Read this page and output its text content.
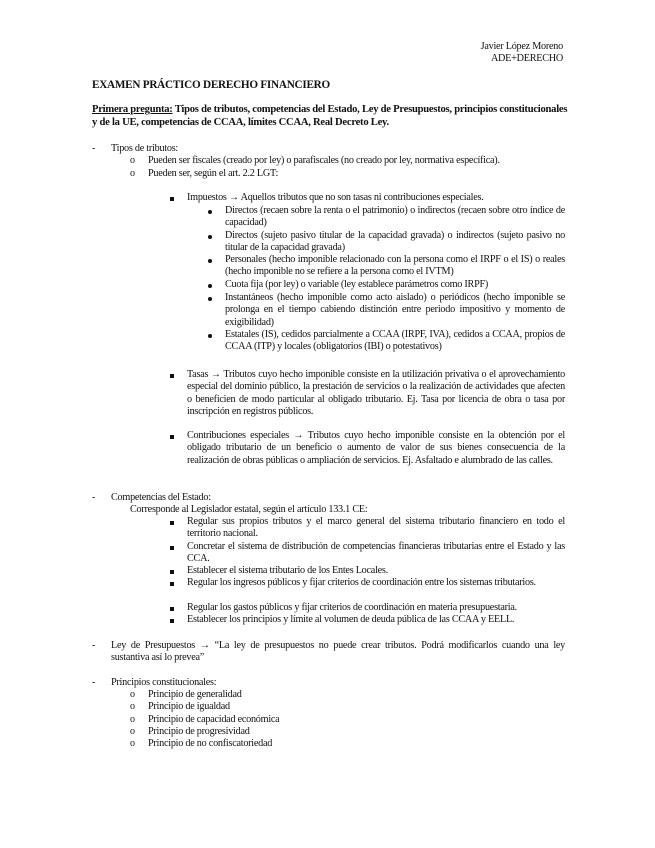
Javier López Moreno
ADE+DERECHO
EXAMEN PRÁCTICO DERECHO FINANCIERO
Primera pregunta: Tipos de tributos, competencias del Estado, Ley de Presupuestos, principios constitucionales y de la UE, competencias de CCAA, límites CCAA, Real Decreto Ley.
- Tipos de tributos:
o Pueden ser fiscales (creado por ley) o parafiscales (no creado por ley, normativa específica).
o Pueden ser, según el art. 2.2 LGT:
Impuestos → Aquellos tributos que no son tasas ni contribuciones especiales.
Directos (recaen sobre la renta o el patrimonio) o indirectos (recaen sobre otro índice de capacidad)
Directos (sujeto pasivo titular de la capacidad gravada) o indirectos (sujeto pasivo no titular de la capacidad gravada)
Personales (hecho imponible relacionado con la persona como el IRPF o el IS) o reales (hecho imponible no se refiere a la persona como el IVTM)
Cuota fija (por ley) o variable (ley establece parámetros como IRPF)
Instantáneos (hecho imponible como acto aislado) o periódicos (hecho imponible se prolonga en el tiempo cabiendo distinción entre periodo impositivo y momento de exigibilidad)
Estatales (IS), cedidos parcialmente a CCAA (IRPF, IVA), cedidos a CCAA, propios de CCAA (ITP) y locales (obligatorios (IBI) o potestativos)
Tasas → Tributos cuyo hecho imponible consiste en la utilización privativa o el aprovechamiento especial del dominio público, la prestación de servicios o la realización de actividades que afecten o beneficien de modo particular al obligado tributario. Ej. Tasa por licencia de obra o tasa por inscripción en registros públicos.
Contribuciones especiales → Tributos cuyo hecho imponible consiste en la obtención por el obligado tributario de un beneficio o aumento de valor de sus bienes consecuencia de la realización de obras públicas o ampliación de servicios. Ej. Asfaltado e alumbrado de las calles.
- Competencias del Estado:
Corresponde al Legislador estatal, según el artículo 133.1 CE:
Regular sus propios tributos y el marco general del sistema tributario financiero en todo el territorio nacional.
Concretar el sistema de distribución de competencias financieras tributarias entre el Estado y las CCA.
Establecer el sistema tributario de los Entes Locales.
Regular los ingresos públicos y fijar criterios de coordinación entre los sistemas tributarios.
Regular los gastos públicos y fijar criterios de coordinación en materia presupuestaria.
Establecer los principios y límite al volumen de deuda pública de las CCAA y EELL.
- Ley de Presupuestos → “La ley de presupuestos no puede crear tributos. Podrá modificarlos cuando una ley sustantiva así lo prevea”
- Principios constitucionales:
o Principio de generalidad
o Principio de igualdad
o Principio de capacidad económica
o Principio de progresividad
o Principio de no confiscatoriedad
